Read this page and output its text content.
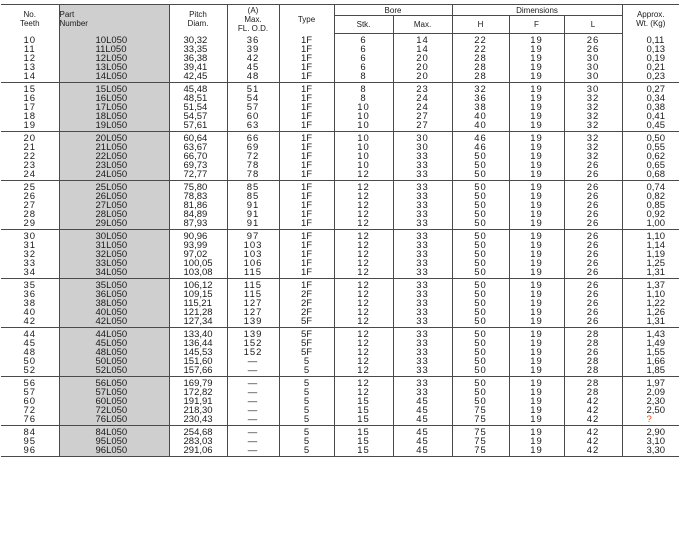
No.
Teeth	Part
Number	Pitch
Diam.	(A)
Max.
FL. O.D.	Type	Bore		Dimensions			Approx.
Wt. (Kg)
					Stk.	Max.	H	F	L	
10	10L050	30,32	36	1F	6	14	22	19	26	0,11
11	11L050	33,35	39	1F	6	14	22	19	26	0,13
12	12L050	36,38	42	1F	6	20	28	19	30	0,19
13	13L050	39,41	45	1F	6	20	28	19	30	0,21
14	14L050	42,45	48	1F	8	20	28	19	30	0,23
15	15L050	45,48	51	1F	8	23	32	19	30	0,27
16	16L050	48,51	54	1F	8	24	36	19	32	0,34
17	17L050	51,54	57	1F	10	24	38	19	32	0,38
18	18L050	54,57	60	1F	10	27	40	19	32	0,41
19	19L050	57,61	63	1F	10	27	40	19	32	0,45
20	20L050	60,64	66	1F	10	30	46	19	32	0,50
21	21L050	63,67	69	1F	10	30	46	19	32	0,55
22	22L050	66,70	72	1F	10	33	50	19	32	0,62
23	23L050	69,73	78	1F	10	33	50	19	26	0,65
24	24L050	72,77	78	1F	12	33	50	19	26	0,68
25	25L050	75,80	85	1F	12	33	50	19	26	0,74
26	26L050	78,83	85	1F	12	33	50	19	26	0,82
27	27L050	81,86	91	1F	12	33	50	19	26	0,85
28	28L050	84,89	91	1F	12	33	50	19	26	0,92
29	29L050	87,93	91	1F	12	33	50	19	26	1,00
30	30L050	90,96	97	1F	12	33	50	19	26	1,10
31	31L050	93,99	103	1F	12	33	50	19	26	1,14
32	32L050	97,02	103	1F	12	33	50	19	26	1,19
33	33L050	100,05	106	1F	12	33	50	19	26	1,25
34	34L050	103,08	115	1F	12	33	50	19	26	1,31
35	35L050	106,12	115	1F	12	33	50	19	26	1,37
36	36L050	109,15	115	2F	12	33	50	19	26	1,10
38	38L050	115,21	127	2F	12	33	50	19	26	1,22
40	40L050	121,28	127	2F	12	33	50	19	26	1,26
42	42L050	127,34	139	5F	12	33	50	19	26	1,31
44	44L050	133,40	139	5F	12	33	50	19	28	1,43
45	45L050	136,44	152	5F	12	33	50	19	28	1,49
48	48L050	145,53	152	5F	12	33	50	19	26	1,55
50	50L050	151,60	—	5	12	33	50	19	28	1,66
52	52L050	157,66	—	5	12	33	50	19	28	1,85
56	56L050	169,79	—	5	12	33	50	19	28	1,97
57	57L050	172,82	—	5	12	33	50	19	28	2,09
60	60L050	191,91	—	5	15	45	50	19	42	2,30
72	72L050	218,30	—	5	15	45	75	19	42	2,50
76	76L050	230,43	—	5	15	45	75	19	42	?
84	84L050	254,68	—	5	15	45	75	19	42	2,90
95	95L050	283,03	—	5	15	45	75	19	42	3,10
96	96L050	291,06	—	5	15	45	75	19	42	3,30
